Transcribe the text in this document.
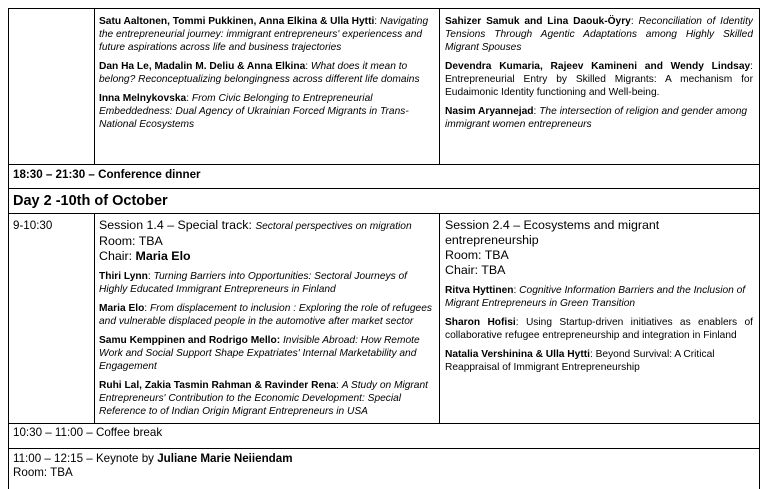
Satu Aaltonen, Tommi Pukkinen, Anna Elkina & Ulla Hytti: Navigating the entrepreneurial journey: immigrant entrepreneurs' experiencess and future aspirations across life and business trajectories

Dan Ha Le, Madalin M. Deliu & Anna Elkina: What does it mean to belong? Reconceptualizing belongingness across different life domains

Inna Melnykovska: From Civic Belonging to Entrepreneurial Embeddedness: Dual Agency of Ukrainian Forced Migrants in Trans-National Ecosystems

Sahizer Samuk and Lina Daouk-Öyry: Reconciliation of Identity Tensions Through Agentic Adaptations among Highly Skilled Migrant Spouses

Devendra Kumaria, Rajeev Kamineni and Wendy Lindsay: Entrepreneurial Entry by Skilled Migrants: A mechanism for Eudaimonic Identity functioning and Well-being.

Nasim Aryannejad: The intersection of religion and gender among immigrant women entrepreneurs

18:30 – 21:30 – Conference dinner
Day 2 -10th of October
9-10:30	Session 1.4 – Special track: Sectoral perspectives on migration
Room: TBA
Chair: Maria Elo

Thiri Lynn: Turning Barriers into Opportunities: Sectoral Journeys of Highly Educated Immigrant Entrepreneurs in Finland

Maria Elo: From displacement to inclusion : Exploring the role of refugees and vulnerable displaced people in the automotive after market sector

Samu Kemppinen and Rodrigo Mello: Invisible Abroad: How Remote Work and Social Support Shape Expatriates' Internal Marketability and Engagement

Ruhi Lal, Zakia Tasmin Rahman & Ravinder Rena: A Study on Migrant Entrepreneurs' Contribution to the Economic Development: Special Reference to of Indian Origin Migrant Entrepreneurs in USA

Session 2.4 – Ecosystems and migrant entrepreneurship
Room: TBA
Chair: TBA

Ritva Hyttinen: Cognitive Information Barriers and the Inclusion of Migrant Entrepreneurs in Green Transition

Sharon Hofisi: Using Startup-driven initiatives as enablers of collaborative refugee entrepreneurship and integration in Finland

Natalia Vershinina & Ulla Hytti: Beyond Survival: A Critical Reappraisal of Immigrant Entrepreneurship

10:30 – 11:00 – Coffee break
11:00 – 12:15 – Keynote by Juliane Marie Neiiendam
Room: TBA
